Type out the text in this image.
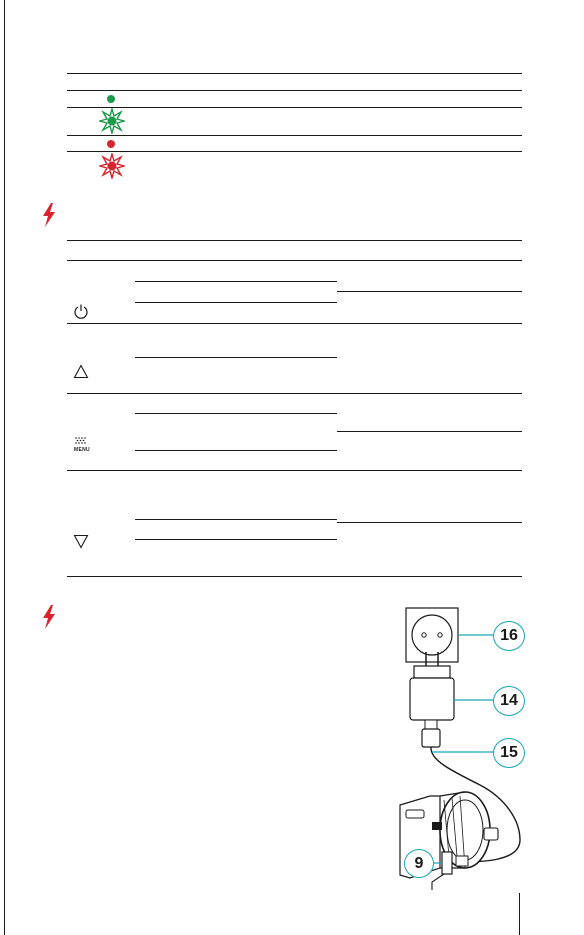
MENU
16
14
15
9
